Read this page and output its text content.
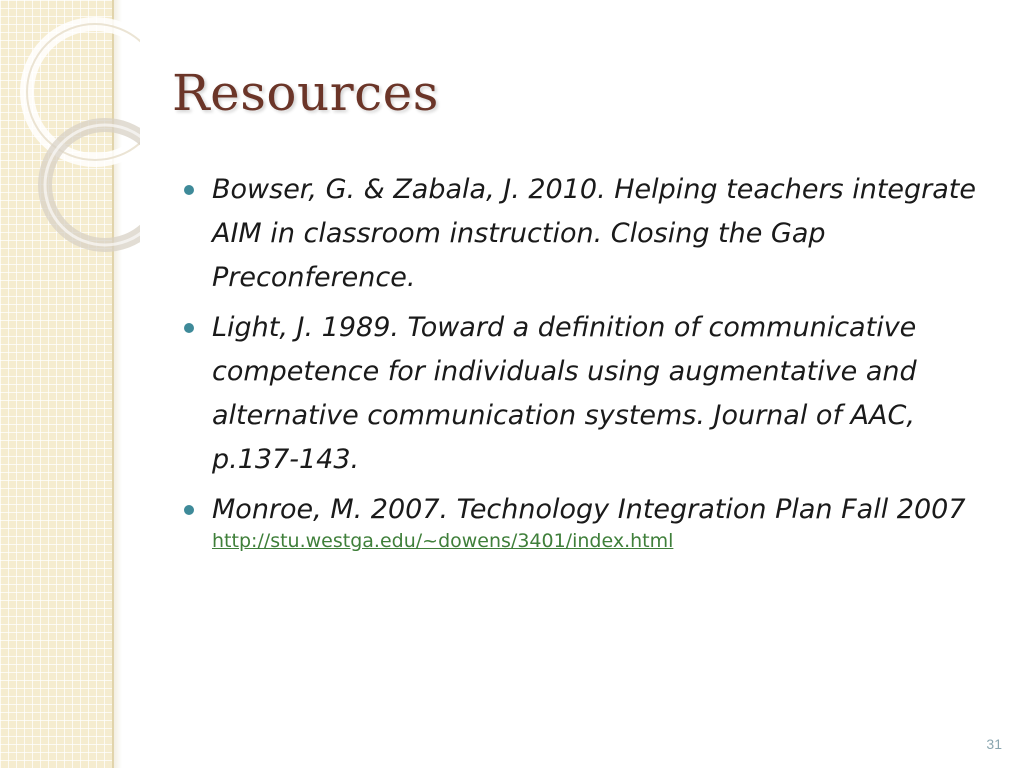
Resources
Bowser, G. & Zabala, J. 2010. Helping teachers integrate AIM in classroom instruction. Closing the Gap Preconference.
Light, J. 1989. Toward a definition of communicative competence for individuals using augmentative and alternative communication systems. Journal of AAC, p.137-143.
Monroe, M. 2007. Technology Integration Plan Fall 2007
http://stu.westga.edu/~dowens/3401/index.html
31
